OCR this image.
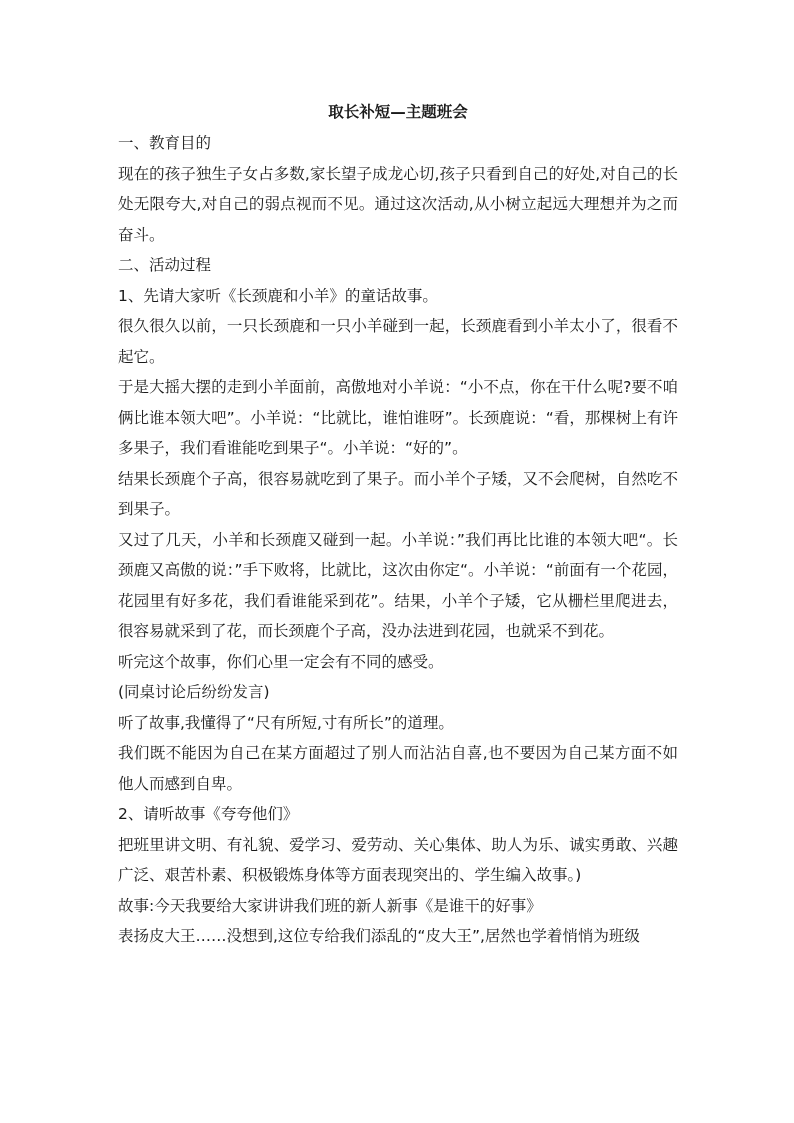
取长补短—主题班会

一、教育目的

现在的孩子独生子女占多数,家长望子成龙心切,孩子只看到自己的好处,对自己的长处无限夸大,对自己的弱点视而不见。通过这次活动,从小树立起远大理想并为之而奋斗。

二、活动过程

1、先请大家听《长颈鹿和小羊》的童话故事。

很久很久以前，一只长颈鹿和一只小羊碰到一起，长颈鹿看到小羊太小了，很看不起它。

于是大摇大摆的走到小羊面前，高傲地对小羊说：“小不点，你在干什么呢?要不咱俩比谁本领大吧”。小羊说：“比就比，谁怕谁呀”。长颈鹿说：“看，那棵树上有许多果子，我们看谁能吃到果子“。小羊说：“好的”。

结果长颈鹿个子高，很容易就吃到了果子。而小羊个子矮，又不会爬树，自然吃不到果子。

又过了几天，小羊和长颈鹿又碰到一起。小羊说：”我们再比比谁的本领大吧“。长颈鹿又高傲的说：”手下败将，比就比，这次由你定“。小羊说：“前面有一个花园，花园里有好多花，我们看谁能采到花”。结果，小羊个子矮，它从栅栏里爬进去，很容易就采到了花，而长颈鹿个子高，没办法进到花园，也就采不到花。

听完这个故事，你们心里一定会有不同的感受。

(同桌讨论后纷纷发言)

听了故事,我懂得了“尺有所短,寸有所长”的道理。

我们既不能因为自己在某方面超过了别人而沾沾自喜,也不要因为自己某方面不如他人而感到自卑。

2、请听故事《夸夸他们》

把班里讲文明、有礼貌、爱学习、爱劳动、关心集体、助人为乐、诚实勇敢、兴趣广泛、艰苦朴素、积极锻炼身体等方面表现突出的、学生编入故事。)

故事:今天我要给大家讲讲我们班的新人新事《是谁干的好事》

表扬皮大王……没想到,这位专给我们添乱的“皮大王”,居然也学着悄悄为班级
